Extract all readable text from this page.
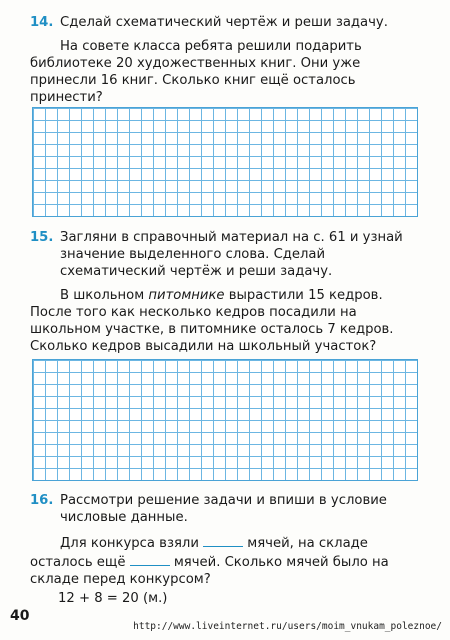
14. Сделай схематический чертёж и реши задачу.

На совете класса ребята решили подарить библиотеке 20 художественных книг. Они уже принесли 16 книг. Сколько книг ещё осталось принести?

15. Загляни в справочный материал на с. 61 и узнай значение выделенного слова. Сделай схематический чертёж и реши задачу.

В школьном питомнике вырастили 15 кедров. После того как несколько кедров посадили на школьном участке, в питомнике осталось 7 кедров. Сколько кедров высадили на школьный участок?

16. Рассмотри решение задачи и впиши в условие числовые данные.

Для конкурса взяли	мячей, на складе осталось ещё	мячей. Сколько мячей было на складе перед конкурсом?

12 + 8 = 20 (м.)
40
http://www.liveinternet.ru/users/moim_vnukam_poleznoe/
